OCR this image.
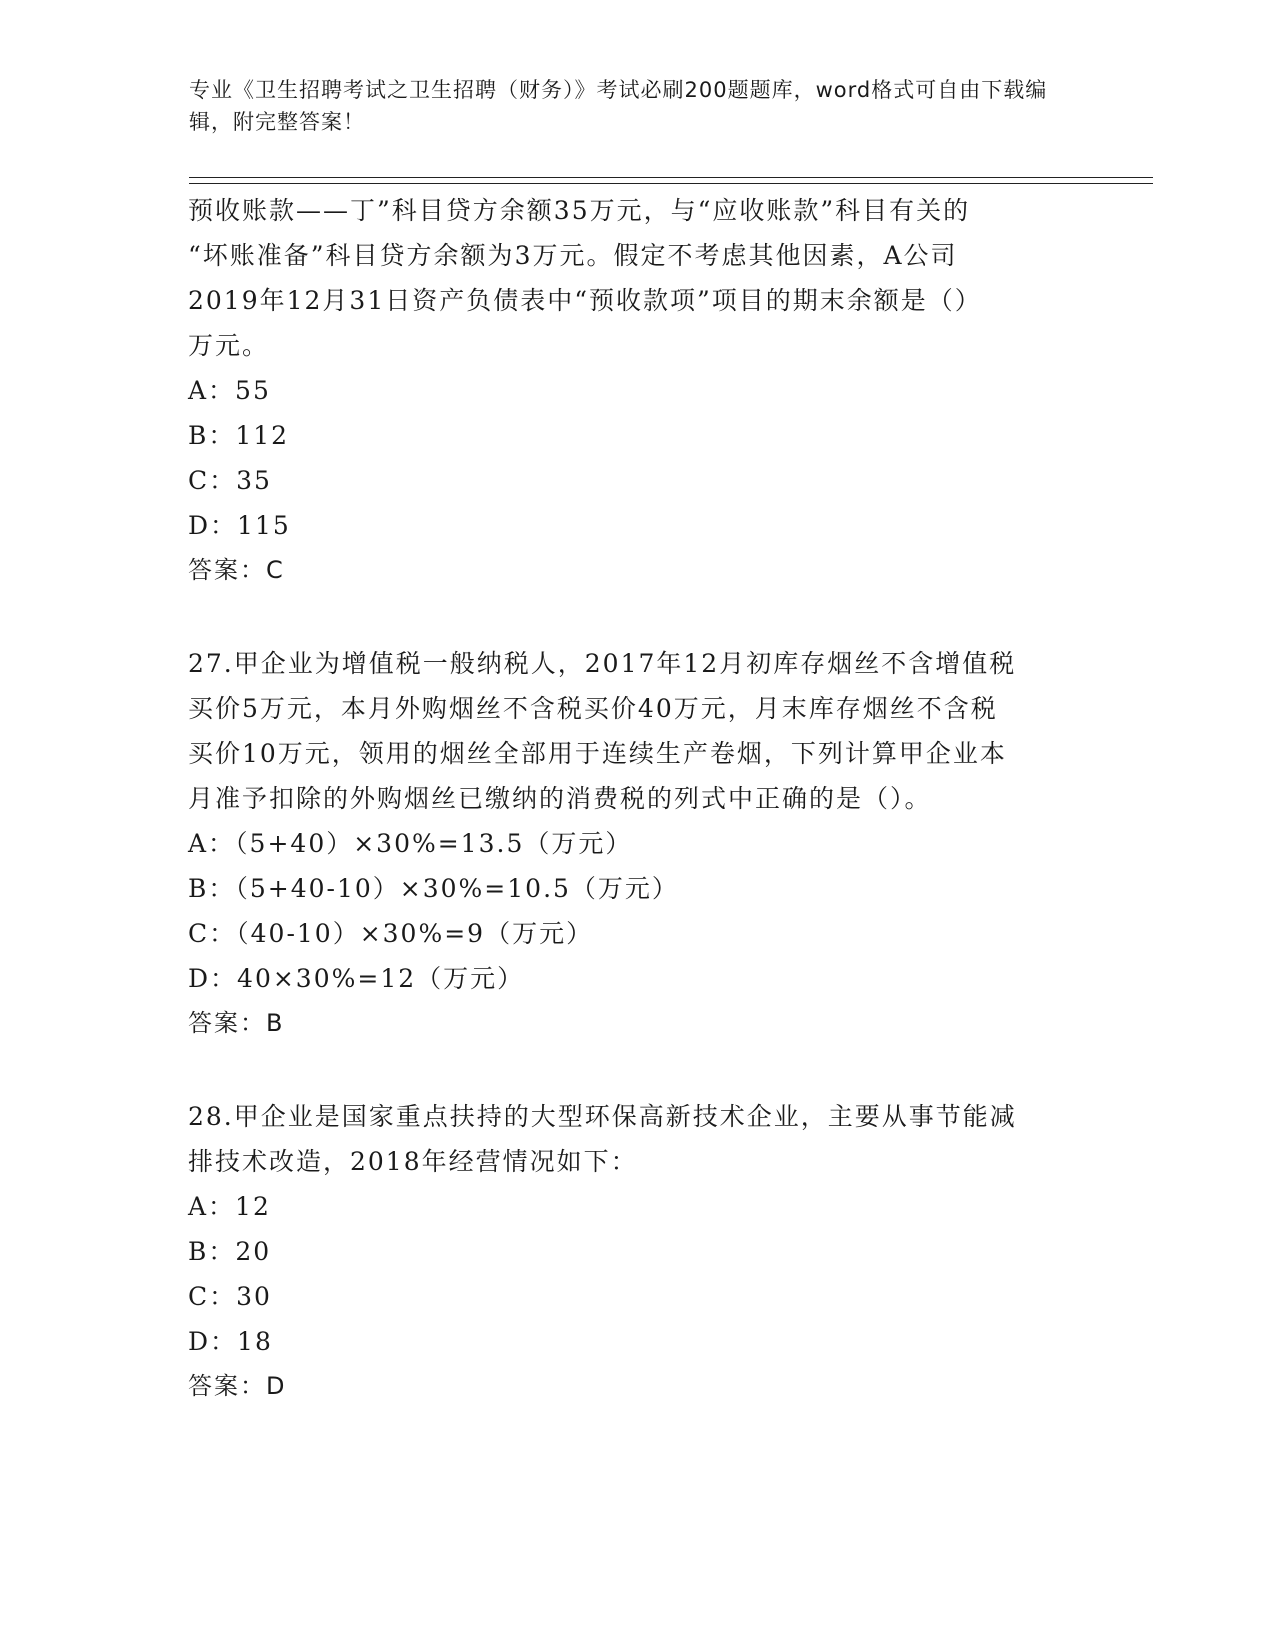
专业《卫生招聘考试之卫生招聘（财务）》考试必刷200题题库，word格式可自由下载编辑，附完整答案！

预收账款——丁”科目贷方余额35万元，与“应收账款”科目有关的

“坏账准备”科目贷方余额为3万元。假定不考虑其他因素，A公司

2019年12月31日资产负债表中“预收款项”项目的期末余额是（）

万元。

A：55

B：112

C：35

D：115

答案：C

27.甲企业为增值税一般纳税人，2017年12月初库存烟丝不含增值税

买价5万元，本月外购烟丝不含税买价40万元，月末库存烟丝不含税

买价10万元，领用的烟丝全部用于连续生产卷烟，下列计算甲企业本

月准予扣除的外购烟丝已缴纳的消费税的列式中正确的是（）。

A：（5+40）×30%=13.5（万元）

B：（5+40-10）×30%=10.5（万元）

C：（40-10）×30%=9（万元）

D：40×30%=12（万元）

答案：B

28.甲企业是国家重点扶持的大型环保高新技术企业，主要从事节能减

排技术改造，2018年经营情况如下：

A：12

B：20

C：30

D：18

答案：D
